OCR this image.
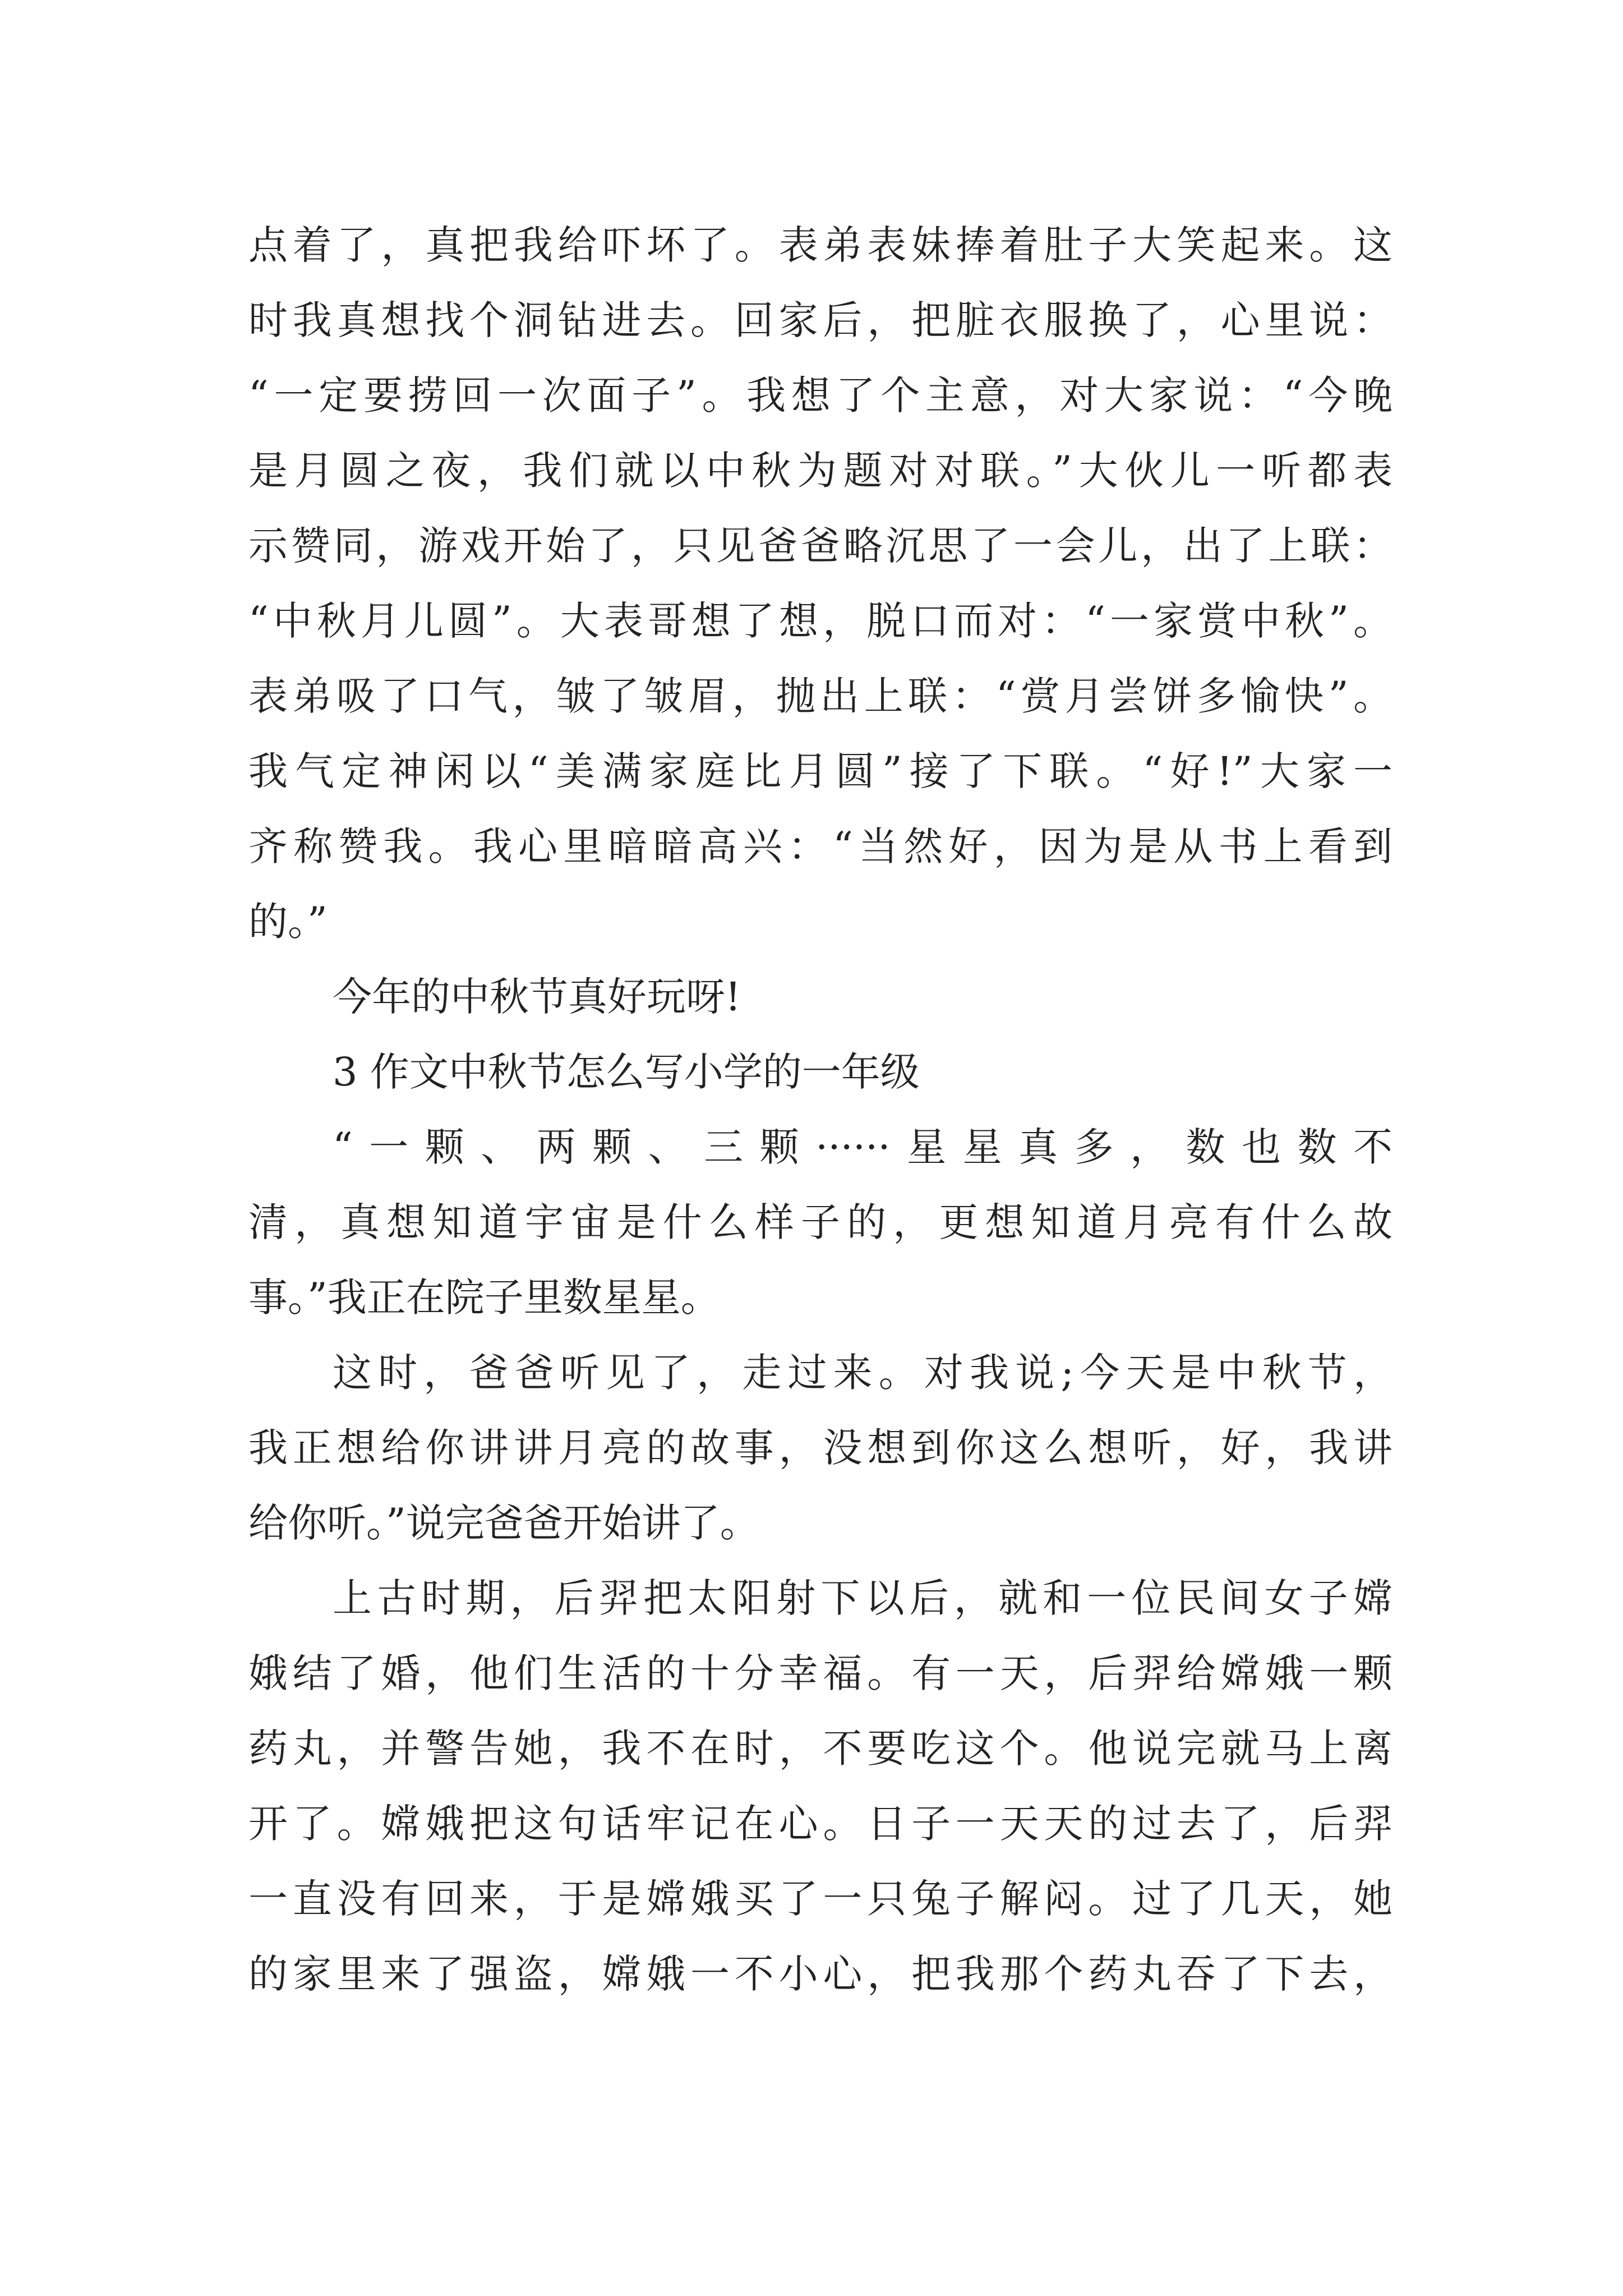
点着了，真把我给吓坏了。表弟表妹捧着肚子大笑起来。这
时我真想找个洞钻进去。回家后，把脏衣服换了，心里说：
“一定要捞回一次面子”。我想了个主意，对大家说：“今晚
是月圆之夜，我们就以中秋为题对对联。”大伙儿一听都表
示赞同，游戏开始了，只见爸爸略沉思了一会儿，出了上联：
“中秋月儿圆”。大表哥想了想，脱口而对：“一家赏中秋”。
表弟吸了口气，皱了皱眉，抛出上联：“赏月尝饼多愉快”。
我气定神闲以“美满家庭比月圆”接了下联。“好!”大家一
齐称赞我。我心里暗暗高兴：“当然好，因为是从书上看到
的。”
今年的中秋节真好玩呀!
3 作文中秋节怎么写小学的一年级
“一颗、两颗、三颗······星星真多，数也数不
清，真想知道宇宙是什么样子的，更想知道月亮有什么故
事。”我正在院子里数星星。
这时，爸爸听见了，走过来。对我说;今天是中秋节，
我正想给你讲讲月亮的故事，没想到你这么想听，好，我讲
给你听。”说完爸爸开始讲了。
上古时期，后羿把太阳射下以后，就和一位民间女子嫦
娥结了婚，他们生活的十分幸福。有一天，后羿给嫦娥一颗
药丸，并警告她，我不在时，不要吃这个。他说完就马上离
开了。嫦娥把这句话牢记在心。日子一天天的过去了，后羿
一直没有回来，于是嫦娥买了一只兔子解闷。过了几天，她
的家里来了强盗，嫦娥一不小心，把我那个药丸吞了下去，
